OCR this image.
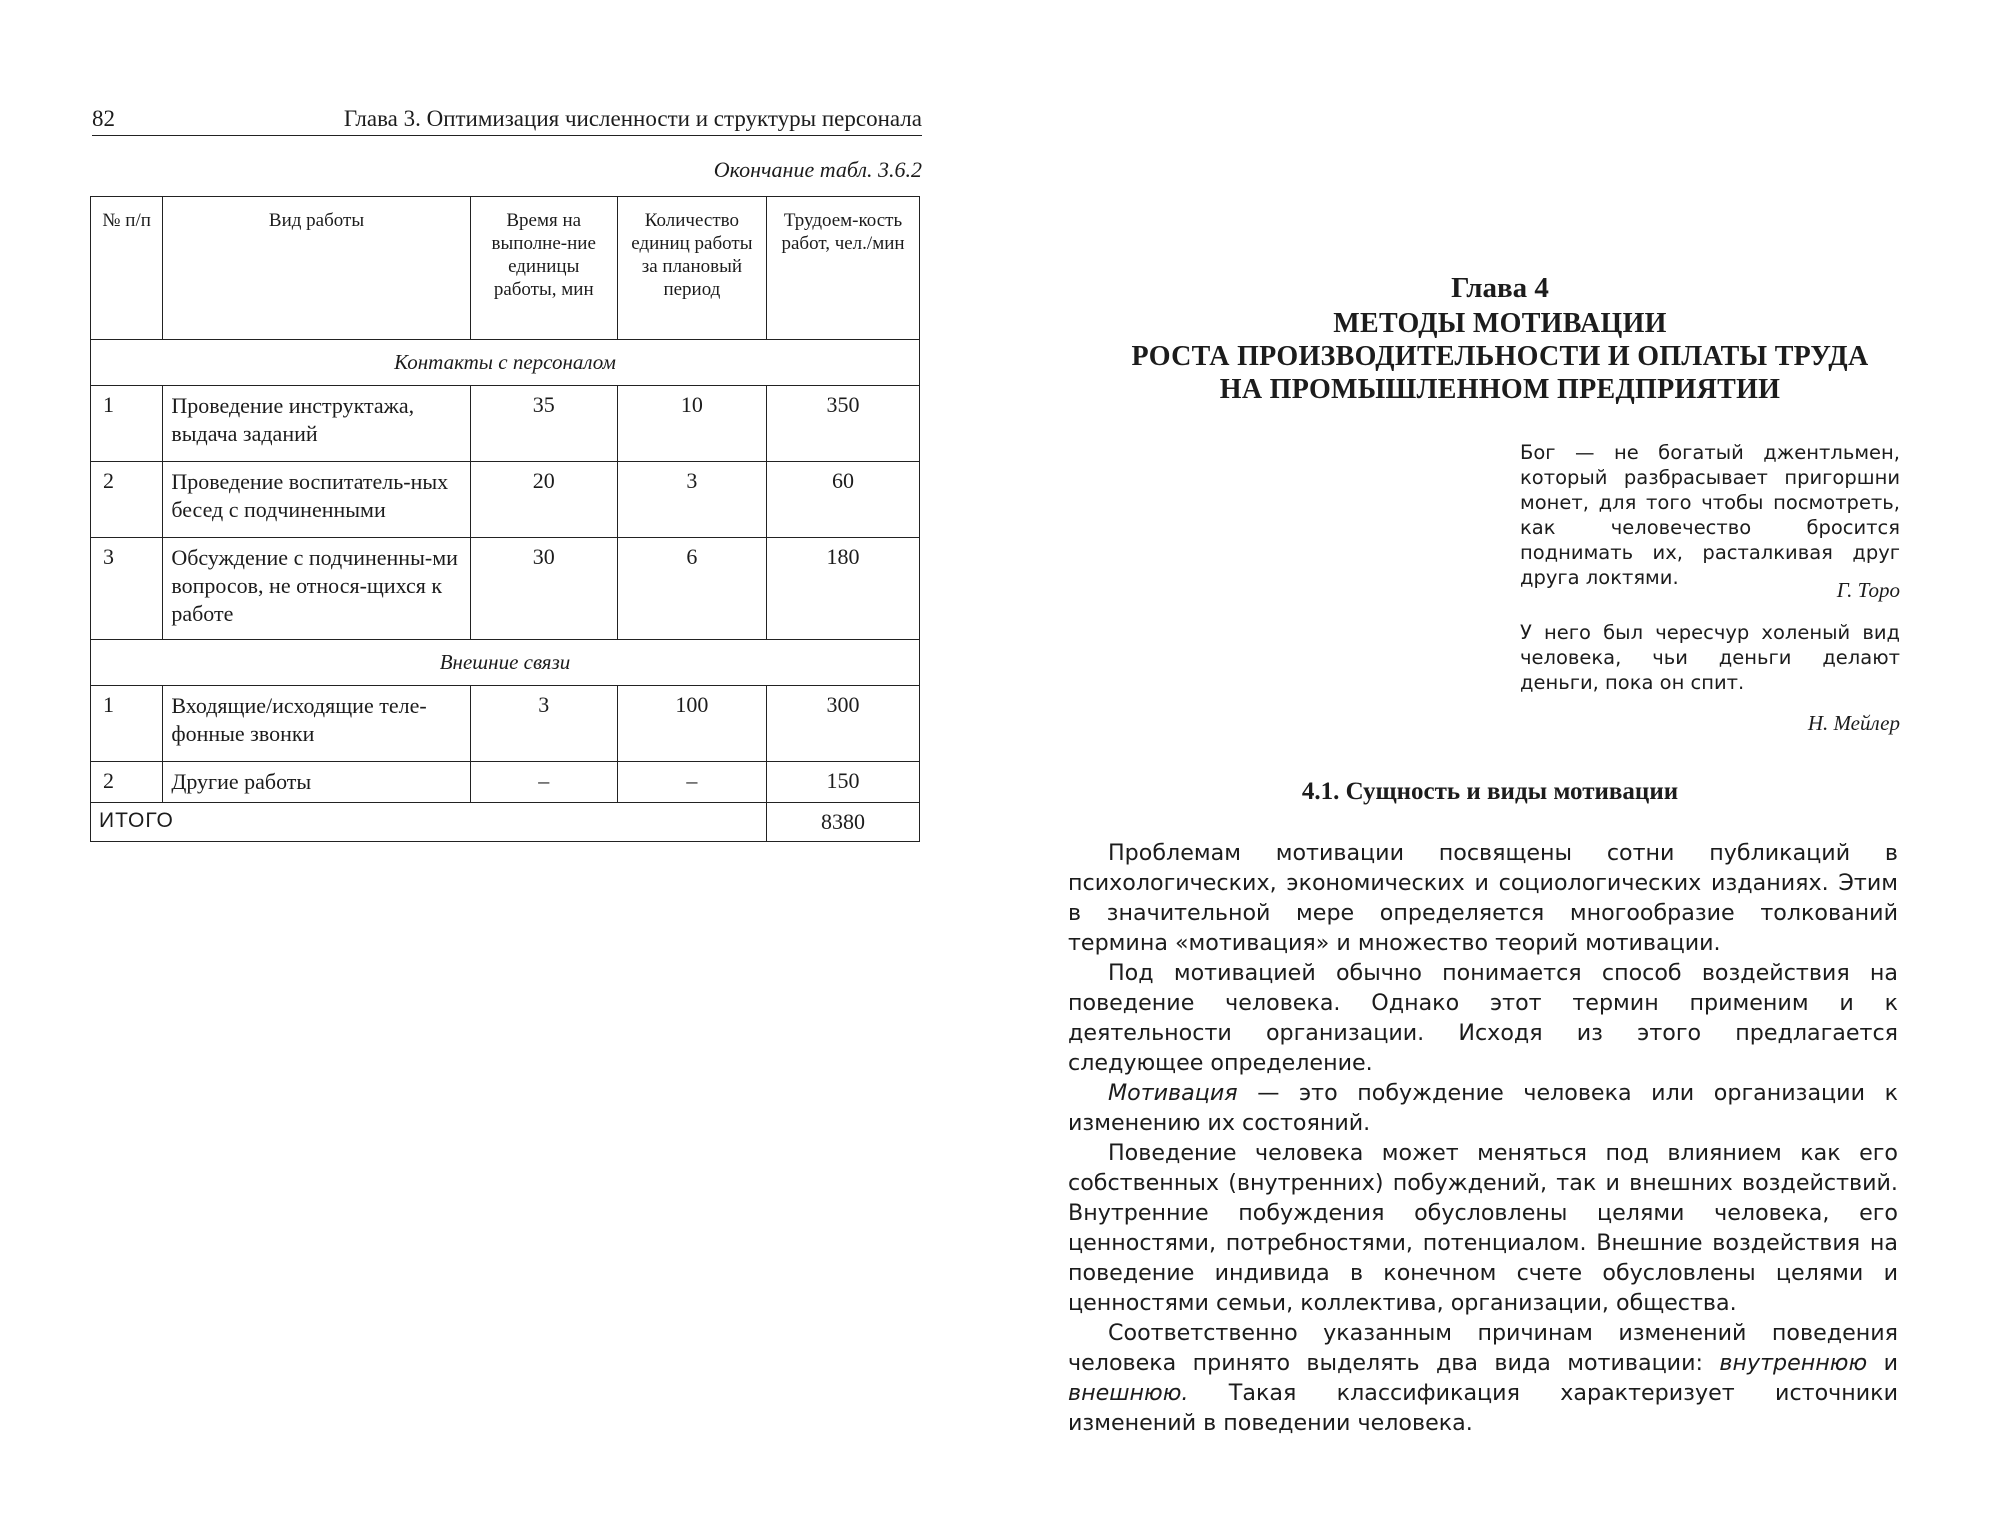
82	Глава 3. Оптимизация численности и структуры персонала
Окончание табл. 3.6.2
№ п/п	Вид работы	Время на выполне-ние единицы работы, мин	Количество единиц работы за плановый период	Трудоем-кость работ, чел./мин
Контакты с персоналом				
1	Проведение инструктажа, выдача заданий	35	10	350
2	Проведение воспитатель-ных бесед с подчиненными	20	3	60
3	Обсуждение с подчиненны-ми вопросов, не относя-щихся к работе	30	6	180
Внешние связи				
1	Входящие/исходящие теле-фонные звонки	3	100	300
2	Другие работы	–	–	150
ИТОГО				8380
Глава 4
МЕТОДЫ МОТИВАЦИИ
РОСТА ПРОИЗВОДИТЕЛЬНОСТИ И ОПЛАТЫ ТРУДА
НА ПРОМЫШЛЕННОМ ПРЕДПРИЯТИИ
Бог — не богатый джентльмен, который разбрасывает пригоршни монет, для того чтобы посмотреть, как человечество бросится поднимать их, расталкивая друг друга локтями.
Г. Торо
У него был чересчур холеный вид человека, чьи деньги делают деньги, пока он спит.
Н. Мейлер
4.1. Сущность и виды мотивации

Проблемам мотивации посвящены сотни публикаций в психологических, экономических и социологических изданиях. Этим в значительной мере определяется многообразие толкований термина «мотивация» и множество теорий мотивации.

Под мотивацией обычно понимается способ воздействия на поведение человека. Однако этот термин применим и к деятельности организации. Исходя из этого предлагается следующее определение.

Мотивация — это побуждение человека или организации к изменению их состояний.

Поведение человека может меняться под влиянием как его собственных (внутренних) побуждений, так и внешних воздействий. Внутренние побуждения обусловлены целями человека, его ценностями, потребностями, потенциалом. Внешние воздействия на поведение индивида в конечном счете обусловлены целями и ценностями семьи, коллектива, организации, общества.

Соответственно указанным причинам изменений поведения человека принято выделять два вида мотивации: внутреннюю и внешнюю. Такая классификация характеризует источники изменений в поведении человека.
